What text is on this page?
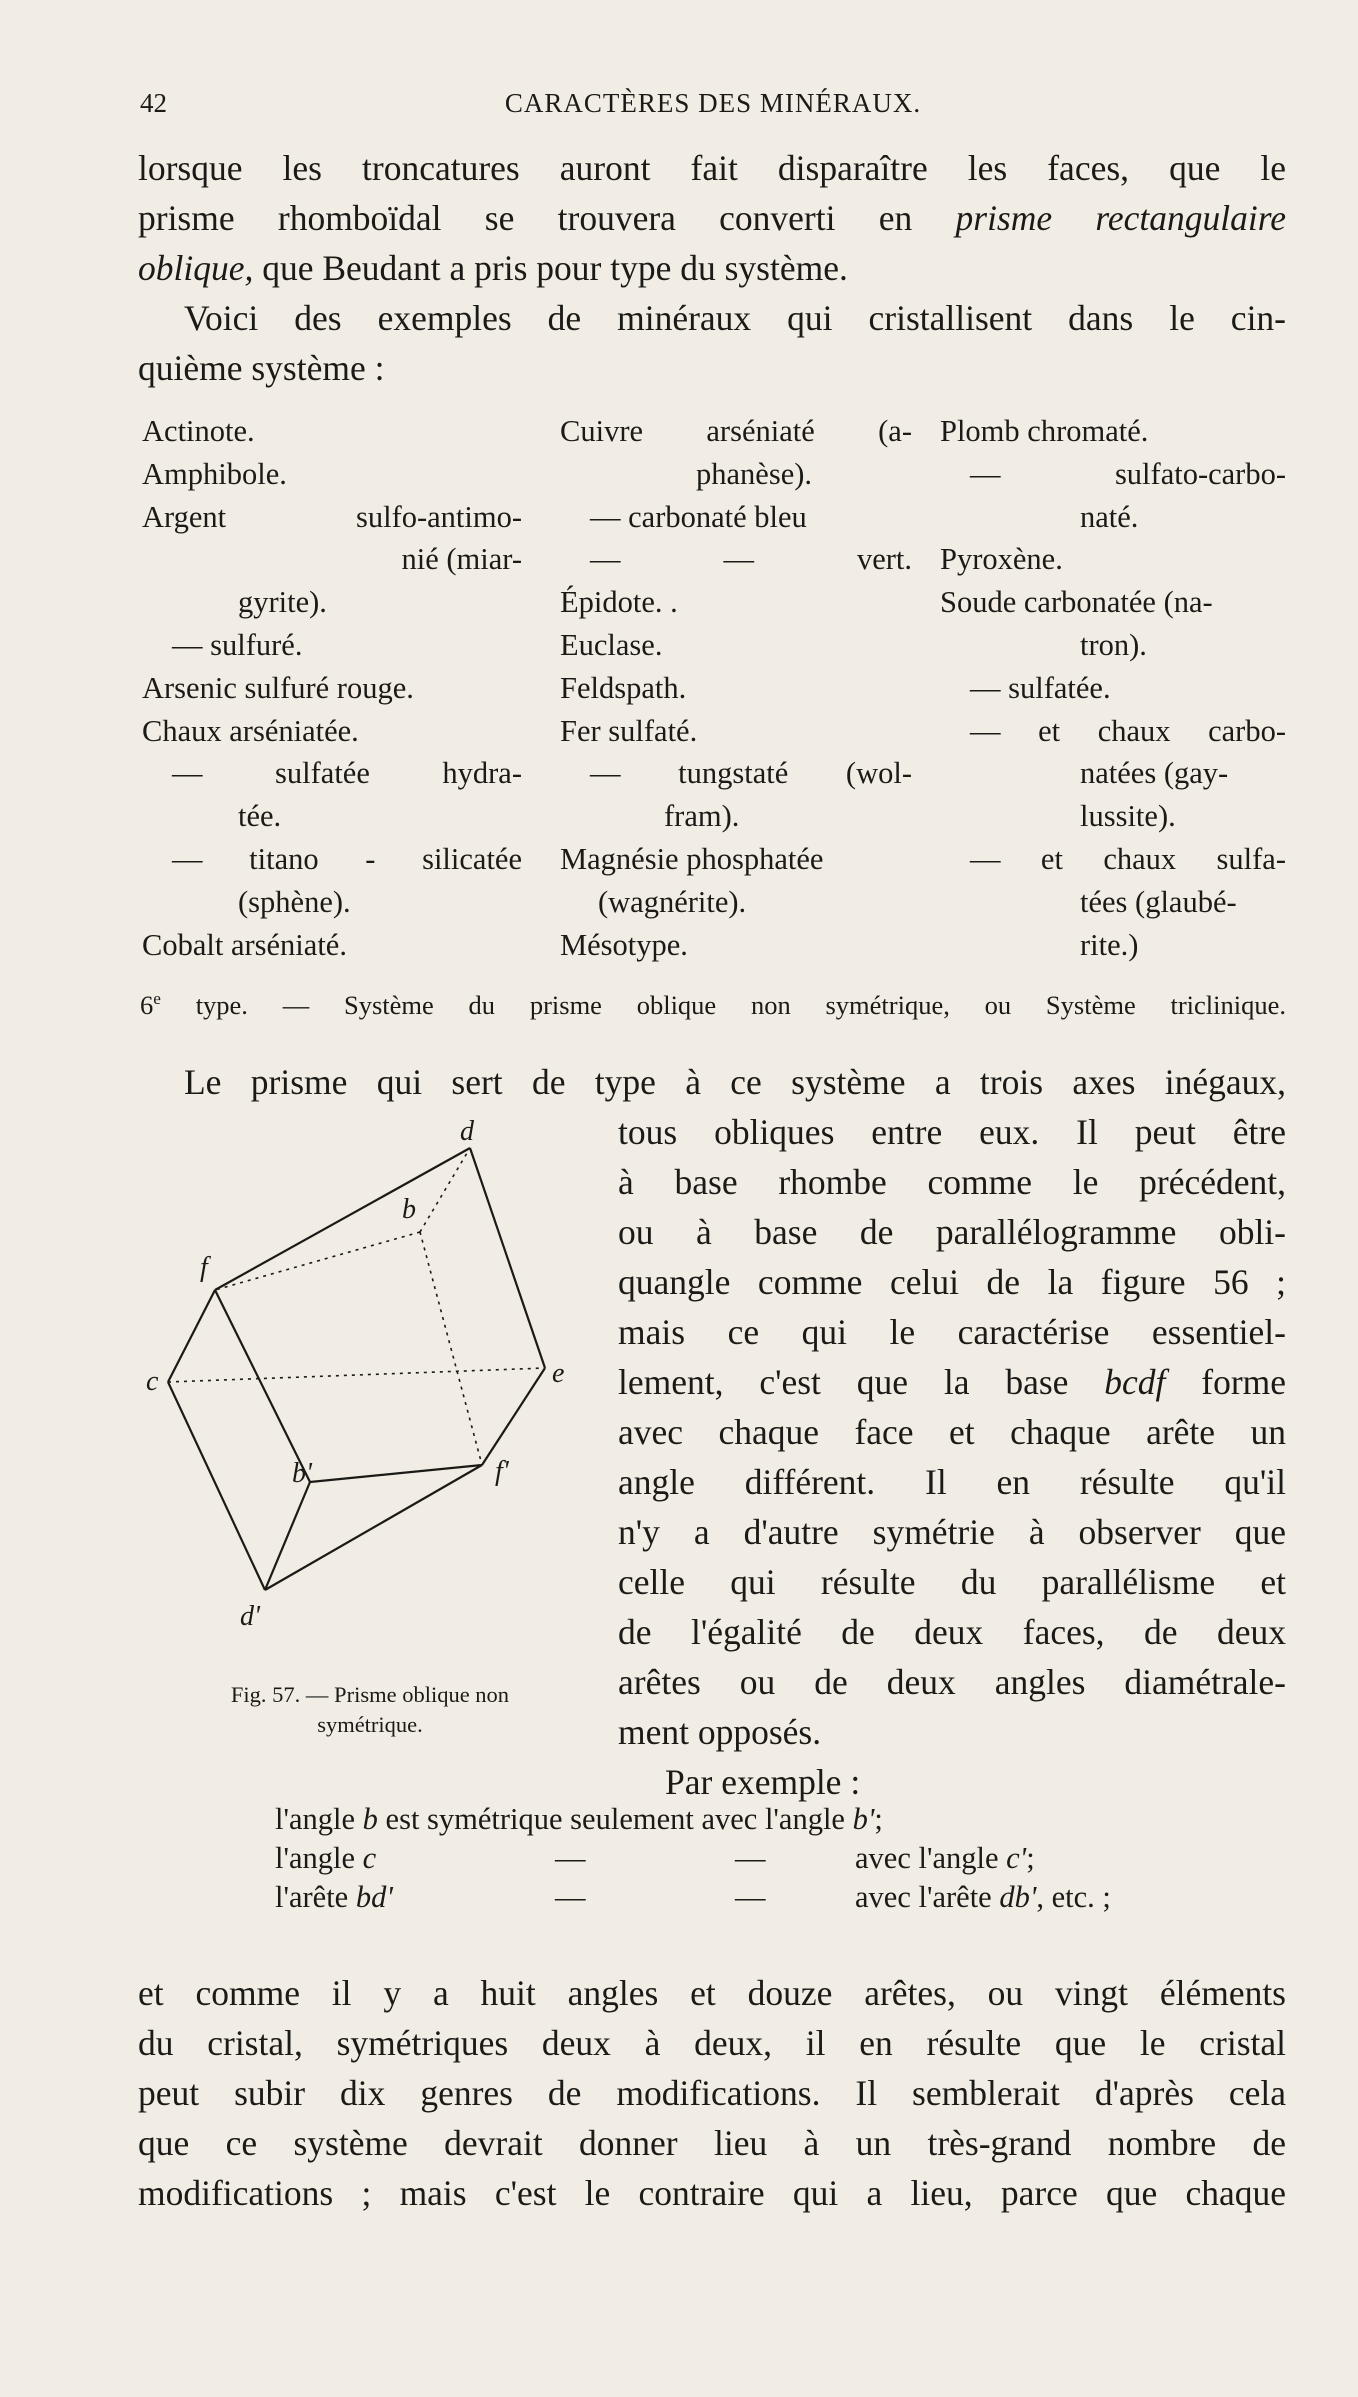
42	CARACTÈRES DES MINÉRAUX.
lorsque les troncatures auront fait disparaître les faces, que le
prisme rhomboïdal se trouvera converti en prisme rectangulaire
oblique, que Beudant a pris pour type du système.
Voici des exemples de minéraux qui cristallisent dans le cin-
quième système :
Actinote.
Amphibole.
Argent sulfo-antimo-
nié (miar-
gyrite).
— sulfuré.
Arsenic sulfuré rouge.
Chaux arséniatée.
— sulfatée hydra-
tée.
— titano - silicatée
(sphène).
Cobalt arséniaté.
Cuivre arséniaté (a-
phanèse).
— carbonaté bleu
— — vert.
Épidote. .
Euclase.
Feldspath.
Fer sulfaté.
— tungstaté (wol-
fram).
Magnésie phosphatée
(wagnérite).
Mésotype.
Plomb chromaté.
— sulfato-carbo-
naté.
Pyroxène.
Soude carbonatée (na-
tron).
— sulfatée.
— et chaux carbo-
natées (gay-
lussite).
— et chaux sulfa-
tées (glaubé-
rite.)
6e type. — Système du prisme oblique non symétrique, ou Système triclinique.
Le prisme qui sert de type à ce système a trois axes inégaux,
tous obliques entre eux. Il peut être
à base rhombe comme le précédent,
ou à base de parallélogramme obli-
quangle comme celui de la figure 56 ;
mais ce qui le caractérise essentiel-
lement, c'est que la base bcdf forme
avec chaque face et chaque arête un
angle différent. Il en résulte qu'il
n'y a d'autre symétrie à observer que
celle qui résulte du parallélisme et
de l'égalité de deux faces, de deux
arêtes ou de deux angles diamétrale-
ment opposés.
Par exemple :
d
b
f
c	e
f'
b'
d'
Fig. 57. — Prisme oblique non
symétrique.
l'angle b est symétrique seulement avec l'angle b';
l'angle c	—	—	avec l'angle c';
l'arête bd'	—	—	avec l'arête db', etc. ;
et comme il y a huit angles et douze arêtes, ou vingt éléments
du cristal, symétriques deux à deux, il en résulte que le cristal
peut subir dix genres de modifications. Il semblerait d'après cela
que ce système devrait donner lieu à un très-grand nombre de
modifications ; mais c'est le contraire qui a lieu, parce que chaque
